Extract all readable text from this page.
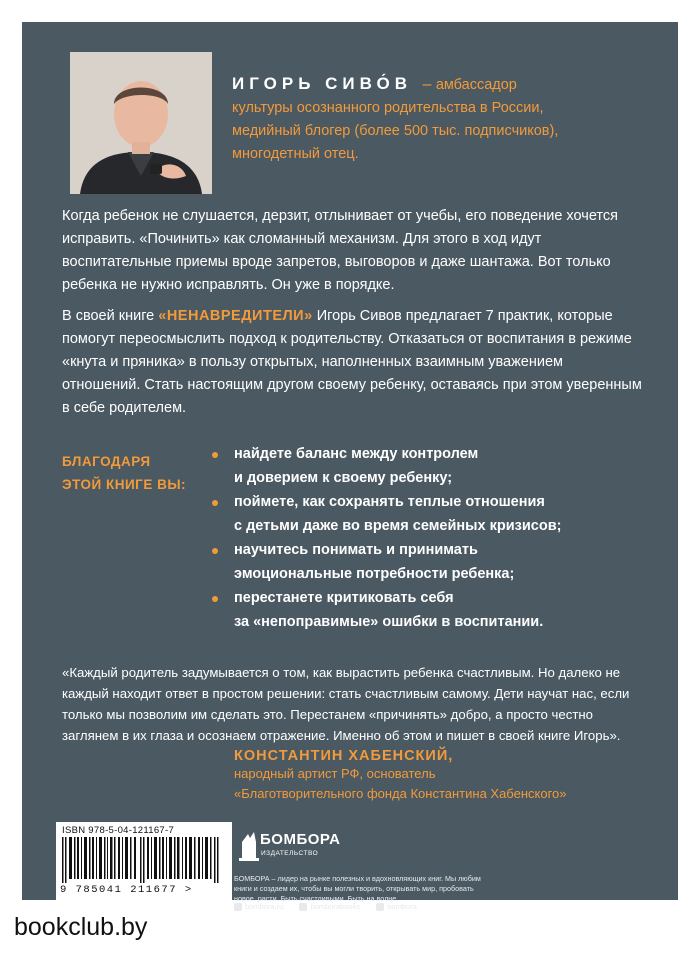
ИГОРЬ СИВО́В – амбассадор
культуры осознанного родительства в России,
медийный блогер (более 500 тыс. подписчиков),
многодетный отец.

Когда ребенок не слушается, дерзит, отлынивает от учебы, его поведение хочется исправить. «Починить» как сломанный механизм. Для этого в ход идут воспитательные приемы вроде запретов, выговоров и даже шантажа. Вот только ребенка не нужно исправлять. Он уже в порядке.

В своей книге «НЕНАВРЕДИТЕЛИ» Игорь Сивов предлагает 7 практик, которые помогут переосмыслить подход к родительству. Отказаться от воспитания в режиме «кнута и пряника» в пользу открытых, наполненных взаимным уважением отношений. Стать настоящим другом своему ребенку, оставаясь при этом уверенным в себе родителем.

БЛАГОДАРЯ
ЭТОЙ КНИГЕ ВЫ:
найдете баланс между контролем
и доверием к своему ребенку;
поймете, как сохранять теплые отношения
с детьми даже во время семейных кризисов;
научитесь понимать и принимать
эмоциональные потребности ребенка;
перестанете критиковать себя
за «непоправимые» ошибки в воспитании.

«Каждый родитель задумывается о том, как вырастить ребенка счастливым. Но далеко не каждый находит ответ в простом решении: стать счастливым самому. Дети научат нас, если только мы позволим им сделать это. Перестанем «причинять» добро, а просто честно заглянем в их глаза и осознаем отражение. Именно об этом и пишет в своей книге Игорь».

КОНСТАНТИН ХАБЕНСКИЙ,
народный артист РФ, основатель
«Благотворительного фонда Константина Хабенского»
ISBN 978-5-04-121167-7
9 785041 211677 >
БОМБОРА
ИЗДАТЕЛЬСТВО
БОМБОРА – лидер на рынке полезных и вдохновляющих книг. Мы любим книги и создаем их, чтобы вы могли творить, открывать мир, пробовать новое, расти. Быть счастливыми. Быть на волне.
bombora.ru
	bomborabooks
	bombora
bookclub.by
